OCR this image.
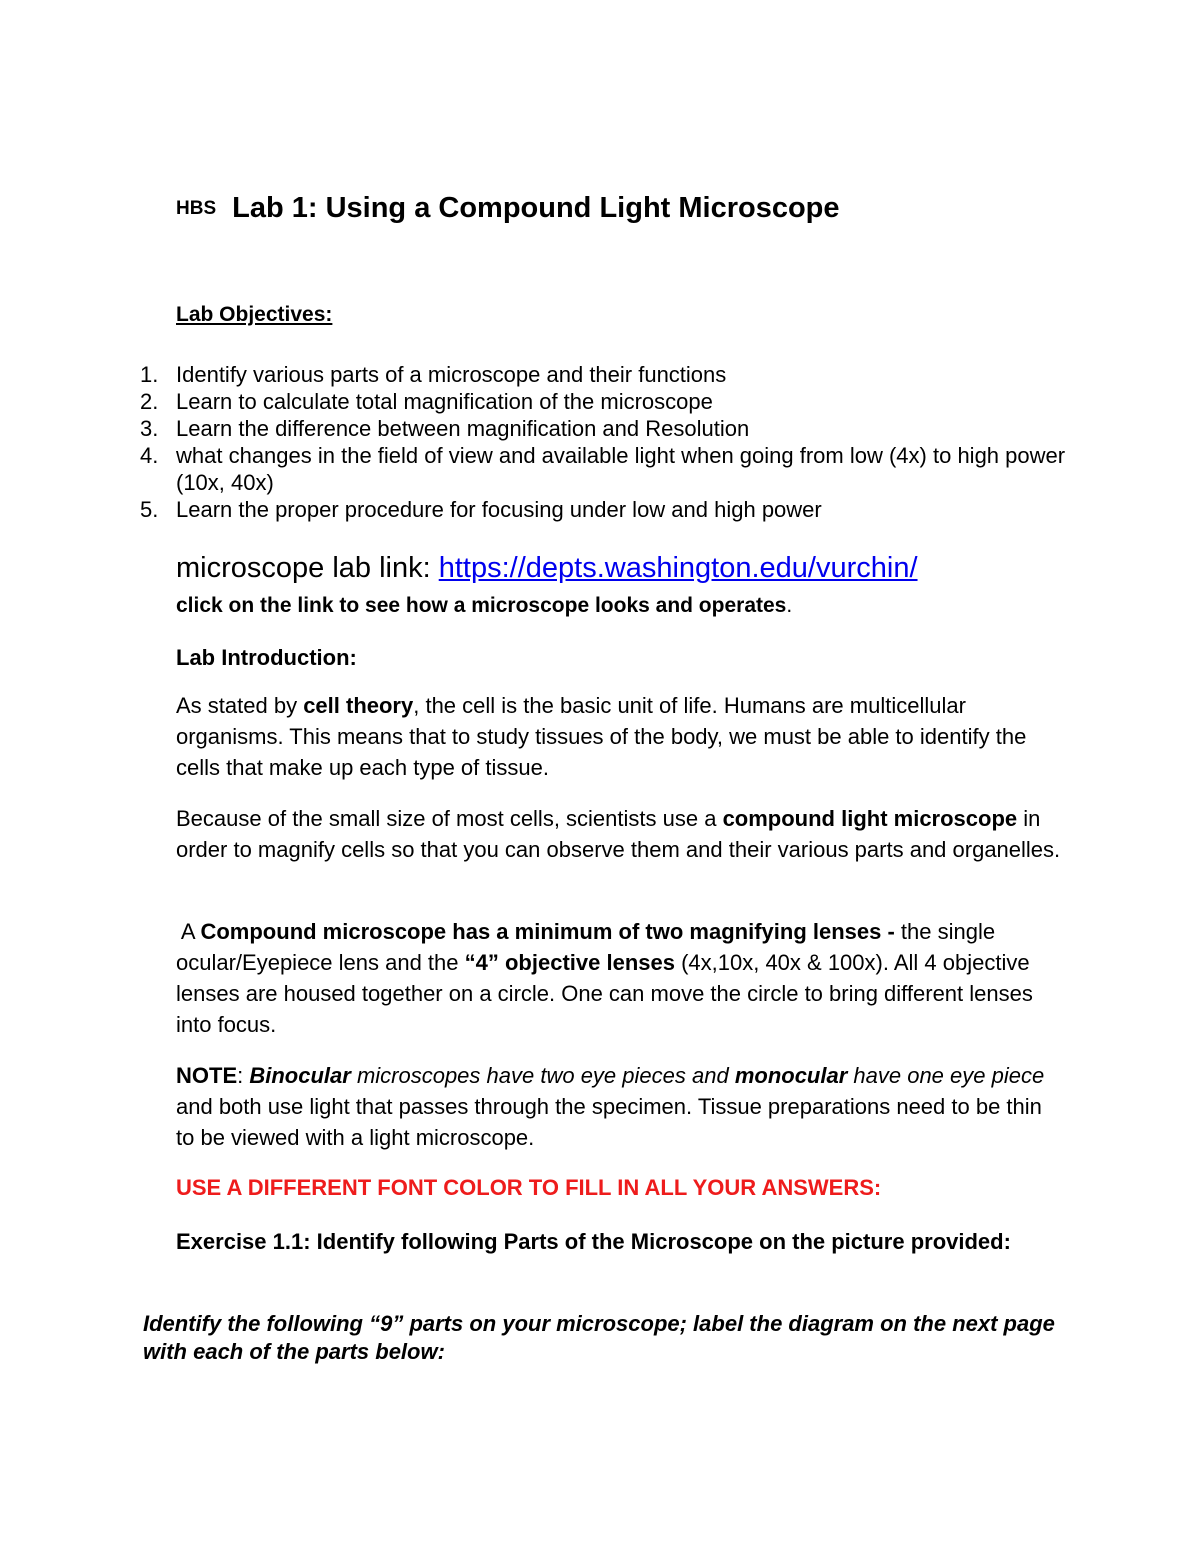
HBS Lab 1: Using a Compound Light Microscope
Lab Objectives:
1. Identify various parts of a microscope and their functions
2. Learn to calculate total magnification of the microscope
3. Learn the difference between magnification and Resolution
4. what changes in the field of view and available light when going from low (4x) to high power (10x, 40x)
5. Learn the proper procedure for focusing under low and high power
microscope lab link: https://depts.washington.edu/vurchin/
click on the link to see how a microscope looks and operates.
Lab Introduction:
As stated by cell theory, the cell is the basic unit of life. Humans are multicellular organisms. This means that to study tissues of the body, we must be able to identify the cells that make up each type of tissue.
Because of the small size of most cells, scientists use a compound light microscope in order to magnify cells so that you can observe them and their various parts and organelles.
A Compound microscope has a minimum of two magnifying lenses - the single ocular/Eyepiece lens and the “4” objective lenses (4x,10x, 40x & 100x). All 4 objective lenses are housed together on a circle. One can move the circle to bring different lenses into focus.
NOTE: Binocular microscopes have two eye pieces and monocular have one eye piece and both use light that passes through the specimen. Tissue preparations need to be thin to be viewed with a light microscope.
USE A DIFFERENT FONT COLOR TO FILL IN ALL YOUR ANSWERS:
Exercise 1.1: Identify following Parts of the Microscope on the picture provided:
Identify the following “9” parts on your microscope; label the diagram on the next page with each of the parts below:
